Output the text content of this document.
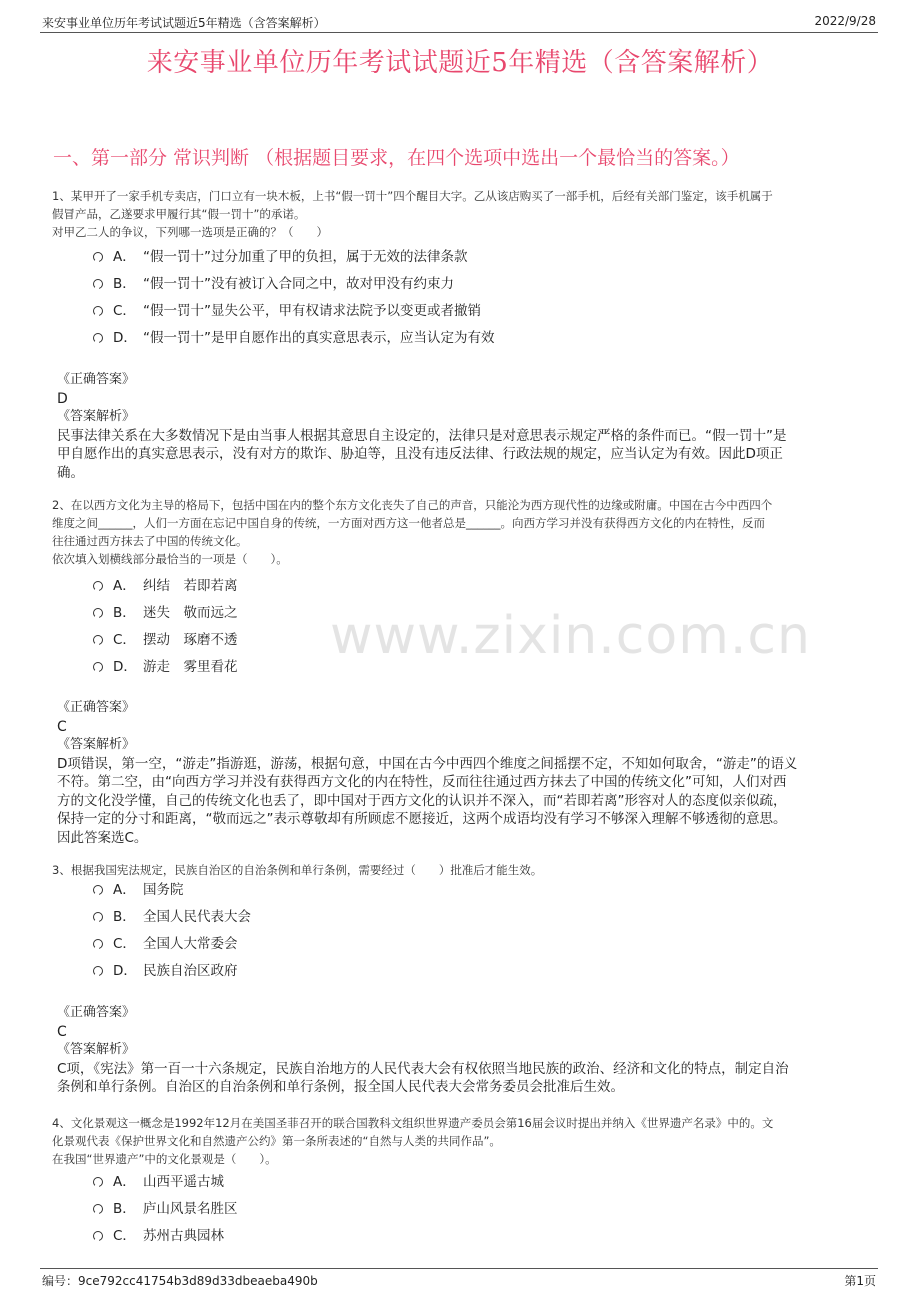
来安事业单位历年考试试题近5年精选（含答案解析）	2022/9/28
www.zixin.com.cn
来安事业单位历年考试试题近5年精选（含答案解析）
一、第一部分 常识判断 （根据题目要求，在四个选项中选出一个最恰当的答案。）
1、某甲开了一家手机专卖店，门口立有一块木板，上书“假一罚十”四个醒目大字。乙从该店购买了一部手机，后经有关部门鉴定，该手机属于
假冒产品，乙遂要求甲履行其“假一罚十”的承诺。
对甲乙二人的争议，下列哪一选项是正确的？（　　）
A． “假一罚十”过分加重了甲的负担，属于无效的法律条款
B． “假一罚十”没有被订入合同之中，故对甲没有约束力
C． “假一罚十”显失公平，甲有权请求法院予以变更或者撤销
D． “假一罚十”是甲自愿作出的真实意思表示，应当认定为有效
《正确答案》
D
《答案解析》
民事法律关系在大多数情况下是由当事人根据其意思自主设定的，法律只是对意思表示规定严格的条件而已。“假一罚十”是
甲自愿作出的真实意思表示，没有对方的欺诈、胁迫等，且没有违反法律、行政法规的规定，应当认定为有效。因此D项正
确。
2、在以西方文化为主导的格局下，包括中国在内的整个东方文化丧失了自己的声音，只能沦为西方现代性的边缘或附庸。中国在古今中西四个
维度之间______，人们一方面在忘记中国自身的传统，一方面对西方这一他者总是______。向西方学习并没有获得西方文化的内在特性，反而
往往通过西方抹去了中国的传统文化。
依次填入划横线部分最恰当的一项是（　　）。
A． 纠结　若即若离
B． 迷失　敬而远之
C． 摆动　琢磨不透
D． 游走　雾里看花
《正确答案》
C
《答案解析》
D项错误，第一空，“游走”指游逛，游荡，根据句意，中国在古今中西四个维度之间摇摆不定，不知如何取舍，“游走”的语义
不符。第二空，由“向西方学习并没有获得西方文化的内在特性，反而往往通过西方抹去了中国的传统文化”可知，人们对西
方的文化没学懂，自己的传统文化也丢了，即中国对于西方文化的认识并不深入，而“若即若离”形容对人的态度似亲似疏，
保持一定的分寸和距离，“敬而远之”表示尊敬却有所顾虑不愿接近，这两个成语均没有学习不够深入理解不够透彻的意思。
因此答案选C。
3、根据我国宪法规定，民族自治区的自治条例和单行条例，需要经过（　　）批准后才能生效。
A． 国务院
B． 全国人民代表大会
C． 全国人大常委会
D． 民族自治区政府
《正确答案》
C
《答案解析》
C项，《宪法》第一百一十六条规定，民族自治地方的人民代表大会有权依照当地民族的政治、经济和文化的特点，制定自治
条例和单行条例。自治区的自治条例和单行条例，报全国人民代表大会常务委员会批准后生效。
4、文化景观这一概念是1992年12月在美国圣菲召开的联合国教科文组织世界遗产委员会第16届会议时提出并纳入《世界遗产名录》中的。文
化景观代表《保护世界文化和自然遗产公约》第一条所表述的“自然与人类的共同作品”。
在我国“世界遗产”中的文化景观是（　　）。
A． 山西平遥古城
B． 庐山风景名胜区
C． 苏州古典园林
编号：9ce792cc41754b3d89d33dbeaeba490b	第1页
